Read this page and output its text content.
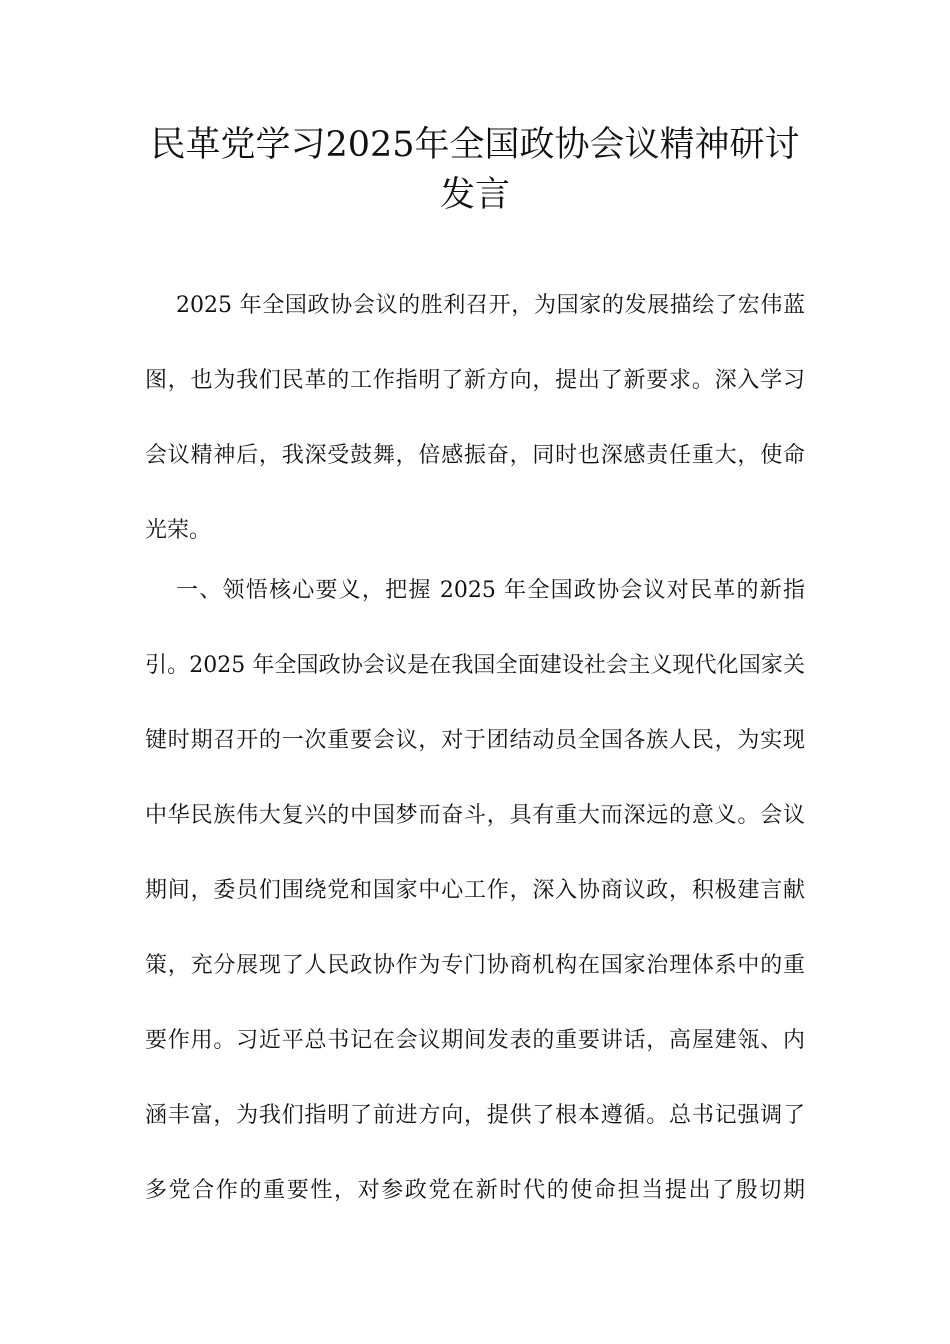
民革党学习2025年全国政协会议精神研讨
发言
2025 年全国政协会议的胜利召开，为国家的发展描绘了宏伟蓝
图，也为我们民革的工作指明了新方向，提出了新要求。深入学习
会议精神后，我深受鼓舞，倍感振奋，同时也深感责任重大，使命
光荣。
一、领悟核心要义，把握 2025 年全国政协会议对民革的新指
引。2025 年全国政协会议是在我国全面建设社会主义现代化国家关
键时期召开的一次重要会议，对于团结动员全国各族人民，为实现
中华民族伟大复兴的中国梦而奋斗，具有重大而深远的意义。会议
期间，委员们围绕党和国家中心工作，深入协商议政，积极建言献
策，充分展现了人民政协作为专门协商机构在国家治理体系中的重
要作用。习近平总书记在会议期间发表的重要讲话，高屋建瓴、内
涵丰富，为我们指明了前进方向，提供了根本遵循。总书记强调了
多党合作的重要性，对参政党在新时代的使命担当提出了殷切期
